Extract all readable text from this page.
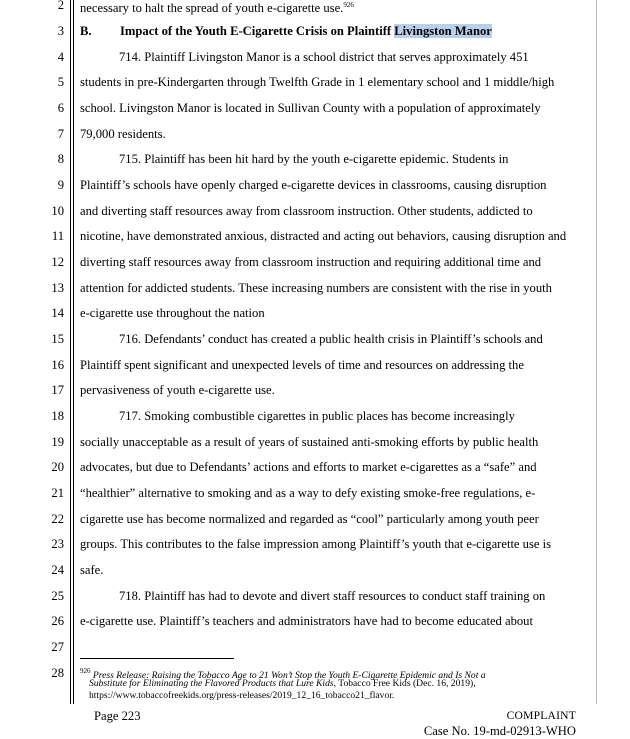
2
3
4
5
6
7
8
9
10
11
12
13
14
15
16
17
18
19
20
21
22
23
24
25
26
27
28
necessary to halt the spread of youth e-cigarette use.$^{926}$
B. Impact of the Youth E-Cigarette Crisis on Plaintiff Livingston Manor
714. Plaintiff Livingston Manor is a school district that serves approximately 451
students in pre-Kindergarten through Twelfth Grade in 1 elementary school and 1 middle/high
school. Livingston Manor is located in Sullivan County with a population of approximately
79,000 residents.
715. Plaintiff has been hit hard by the youth e-cigarette epidemic. Students in
Plaintiff’s schools have openly charged e-cigarette devices in classrooms, causing disruption
and diverting staff resources away from classroom instruction. Other students, addicted to
nicotine, have demonstrated anxious, distracted and acting out behaviors, causing disruption and
diverting staff resources away from classroom instruction and requiring additional time and
attention for addicted students. These increasing numbers are consistent with the rise in youth
e-cigarette use throughout the nation
716. Defendants’ conduct has created a public health crisis in Plaintiff’s schools and
Plaintiff spent significant and unexpected levels of time and resources on addressing the
pervasiveness of youth e-cigarette use.
717. Smoking combustible cigarettes in public places has become increasingly
socially unacceptable as a result of years of sustained anti-smoking efforts by public health
advocates, but due to Defendants’ actions and efforts to market e-cigarettes as a “safe” and
“healthier” alternative to smoking and as a way to defy existing smoke-free regulations, e-
cigarette use has become normalized and regarded as “cool” particularly among youth peer
groups. This contributes to the false impression among Plaintiff’s youth that e-cigarette use is
safe.
718. Plaintiff has had to devote and divert staff resources to conduct staff training on
e-cigarette use. Plaintiff’s teachers and administrators have had to become educated about
$^{926}$ Press Release: Raising the Tobacco Age to 21 Won’t Stop the Youth E-Cigarette Epidemic and Is Not a
Substitute for Eliminating the Flavored Products that Lure Kids, Tobacco Free Kids (Dec. 16, 2019),
https://www.tobaccofreekids.org/press-releases/2019_12_16_tobacco21_flavor.
Page 223	COMPLAINT
Case No. 19-md-02913-WHO
